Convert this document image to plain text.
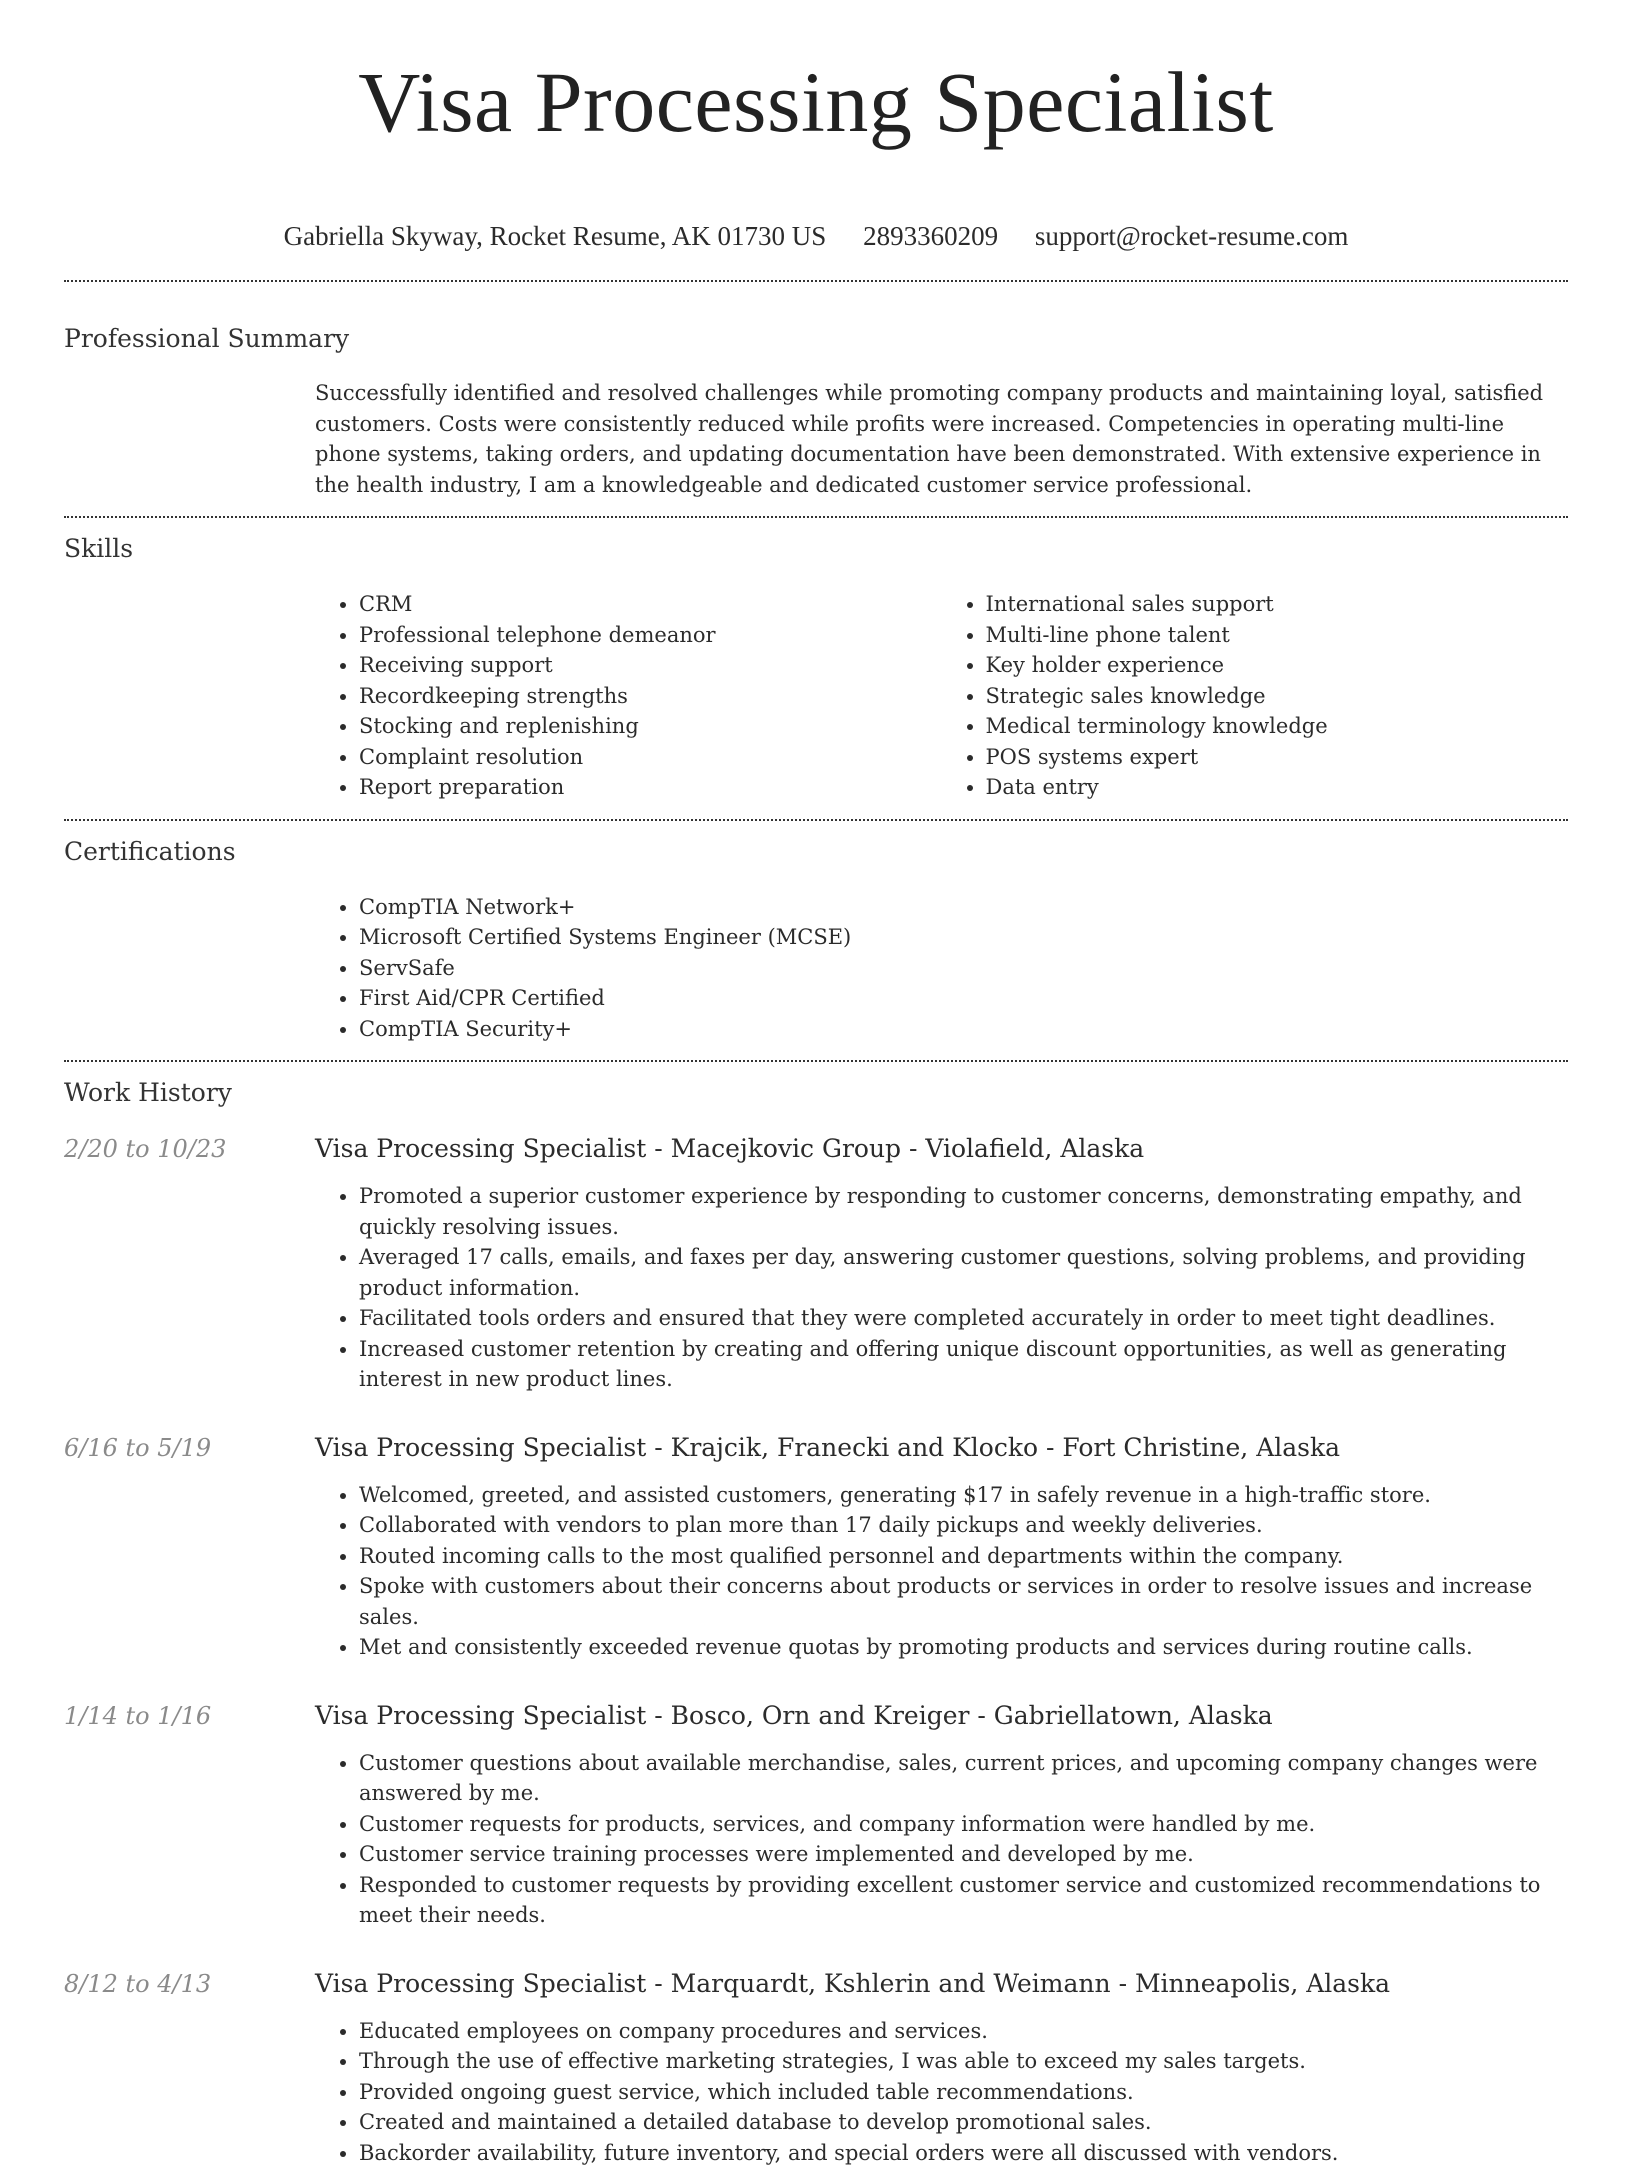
Visa Processing Specialist
Gabriella Skyway, Rocket Resume, AK 01730 US 2893360209 support@rocket-resume.com
Professional Summary
Successfully identified and resolved challenges while promoting company products and maintaining loyal, satisfied customers. Costs were consistently reduced while profits were increased. Competencies in operating multi-line phone systems, taking orders, and updating documentation have been demonstrated. With extensive experience in the health industry, I am a knowledgeable and dedicated customer service professional.
Skills
• CRM
• Professional telephone demeanor
• Receiving support
• Recordkeeping strengths
• Stocking and replenishing
• Complaint resolution
• Report preparation
• International sales support
• Multi-line phone talent
• Key holder experience
• Strategic sales knowledge
• Medical terminology knowledge
• POS systems expert
• Data entry
Certifications
• CompTIA Network+
• Microsoft Certified Systems Engineer (MCSE)
• ServSafe
• First Aid/CPR Certified
• CompTIA Security+
Work History
2/20 to 10/23	Visa Processing Specialist - Macejkovic Group - Violafield, Alaska
• Promoted a superior customer experience by responding to customer concerns, demonstrating empathy, and quickly resolving issues.
• Averaged 17 calls, emails, and faxes per day, answering customer questions, solving problems, and providing product information.
• Facilitated tools orders and ensured that they were completed accurately in order to meet tight deadlines.
• Increased customer retention by creating and offering unique discount opportunities, as well as generating interest in new product lines.
6/16 to 5/19	Visa Processing Specialist - Krajcik, Franecki and Klocko - Fort Christine, Alaska
• Welcomed, greeted, and assisted customers, generating $17 in safely revenue in a high-traffic store.
• Collaborated with vendors to plan more than 17 daily pickups and weekly deliveries.
• Routed incoming calls to the most qualified personnel and departments within the company.
• Spoke with customers about their concerns about products or services in order to resolve issues and increase sales.
• Met and consistently exceeded revenue quotas by promoting products and services during routine calls.
1/14 to 1/16	Visa Processing Specialist - Bosco, Orn and Kreiger - Gabriellatown, Alaska
• Customer questions about available merchandise, sales, current prices, and upcoming company changes were answered by me.
• Customer requests for products, services, and company information were handled by me.
• Customer service training processes were implemented and developed by me.
• Responded to customer requests by providing excellent customer service and customized recommendations to meet their needs.
8/12 to 4/13	Visa Processing Specialist - Marquardt, Kshlerin and Weimann - Minneapolis, Alaska
• Educated employees on company procedures and services.
• Through the use of effective marketing strategies, I was able to exceed my sales targets.
• Provided ongoing guest service, which included table recommendations.
• Created and maintained a detailed database to develop promotional sales.
• Backorder availability, future inventory, and special orders were all discussed with vendors.
